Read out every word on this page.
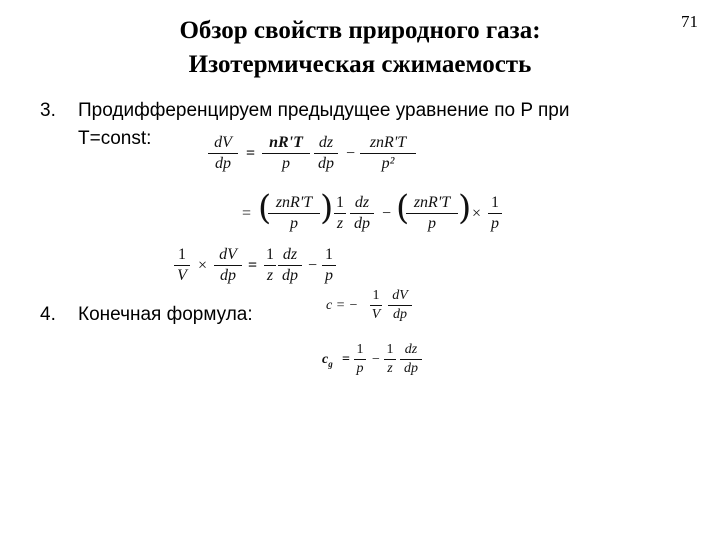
71
Обзор свойств природного газа:
Изотермическая сжимаемость
3. Продифференцируем предыдущее уравнение по P при
T=const:	dV
dp
=
nR'T
p
dz
dp
−
znR'T
p²
= ( znR'T
p ) 1
z
dz
dp
− ( znR'T
p ) ×
1
p
1
V
×
dV
dp
=
1
z
dz
dp
−
1
p
4. Конечная формула:	c = −
1
V
dV
dp
$c_g$ =
1
p
−
1
z
dz
dp
